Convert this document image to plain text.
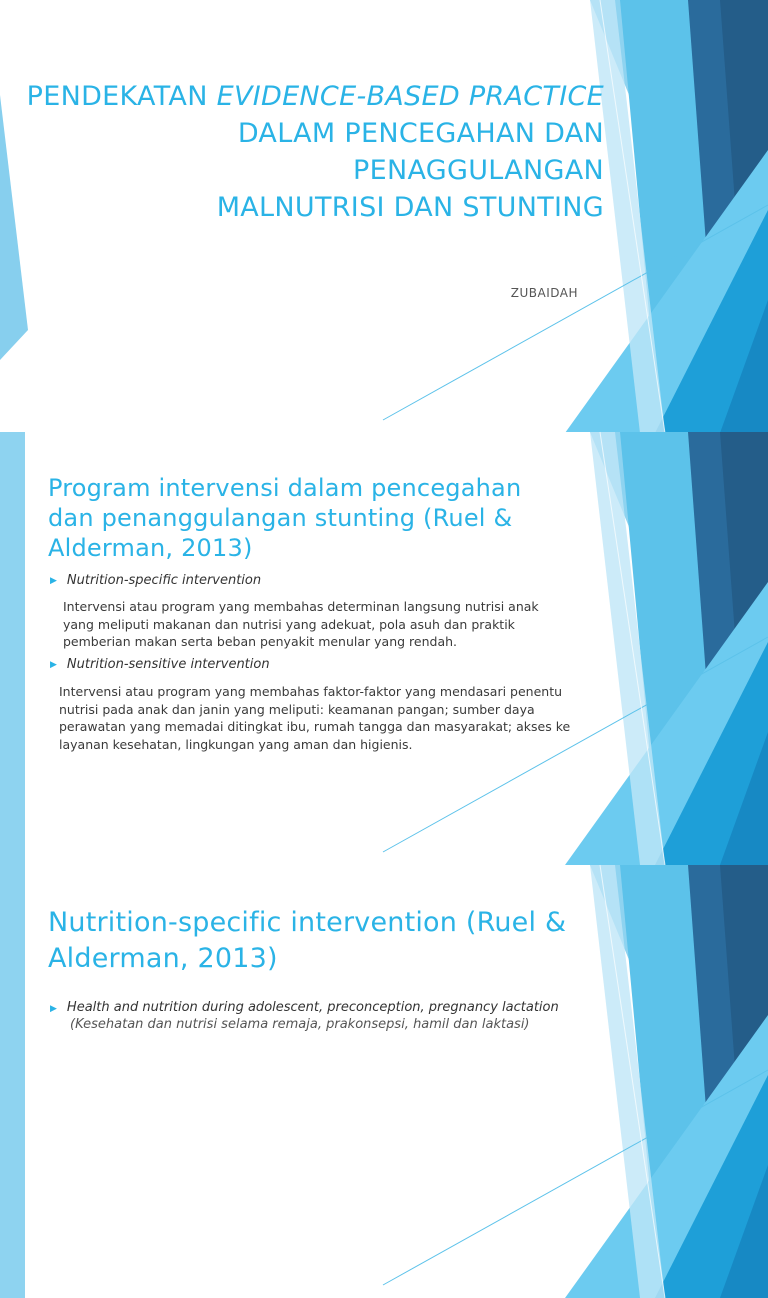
PENDEKATAN EVIDENCE-BASED PRACTICE
DALAM PENCEGAHAN DAN
PENAGGULANGAN
MALNUTRISI DAN STUNTING
ZUBAIDAH
Program intervensi dalam pencegahan dan penanggulangan stunting (Ruel & Alderman, 2013)
▶ Nutrition-specific intervention
Intervensi atau program yang membahas determinan langsung nutrisi anak yang meliputi makanan dan nutrisi yang adekuat, pola asuh dan praktik pemberian makan serta beban penyakit menular yang rendah.
▶ Nutrition-sensitive intervention
Intervensi atau program yang membahas faktor-faktor yang mendasari penentu nutrisi pada anak dan janin yang meliputi: keamanan pangan; sumber daya perawatan yang memadai ditingkat ibu, rumah tangga dan masyarakat; akses ke layanan kesehatan, lingkungan yang aman dan higienis.
Nutrition-specific intervention (Ruel & Alderman, 2013)
▶ Health and nutrition during adolescent, preconception, pregnancy lactation
(Kesehatan dan nutrisi selama remaja, prakonsepsi, hamil dan laktasi)
